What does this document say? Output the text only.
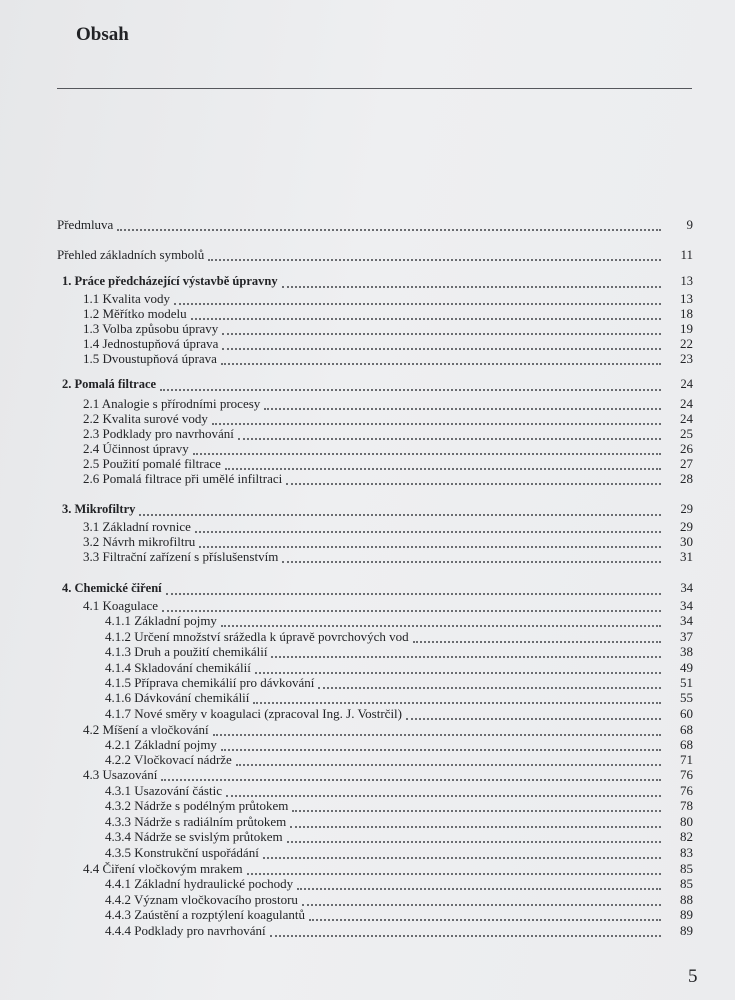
Obsah
Předmluva	9
Přehled základních symbolů	11
1. Práce předcházející výstavbě úpravny	13
1.1 Kvalita vody	13
1.2 Měřítko modelu	18
1.3 Volba způsobu úpravy	19
1.4 Jednostupňová úprava	22
1.5 Dvoustupňová úprava	23
2. Pomalá filtrace	24
2.1 Analogie s přírodními procesy	24
2.2 Kvalita surové vody	24
2.3 Podklady pro navrhování	25
2.4 Účinnost úpravy	26
2.5 Použití pomalé filtrace	27
2.6 Pomalá filtrace při umělé infiltraci	28
3. Mikrofiltry	29
3.1 Základní rovnice	29
3.2 Návrh mikrofiltru	30
3.3 Filtrační zařízení s příslušenstvím	31
4. Chemické čiření	34
4.1 Koagulace	34
4.1.1 Základní pojmy	34
4.1.2 Určení množství srážedla k úpravě povrchových vod	37
4.1.3 Druh a použití chemikálií	38
4.1.4 Skladování chemikálií	49
4.1.5 Příprava chemikálií pro dávkování	51
4.1.6 Dávkování chemikálií	55
4.1.7 Nové směry v koagulaci (zpracoval Ing. J. Vostrčil)	60
4.2 Míšení a vločkování	68
4.2.1 Základní pojmy	68
4.2.2 Vločkovací nádrže	71
4.3 Usazování	76
4.3.1 Usazování částic	76
4.3.2 Nádrže s podélným průtokem	78
4.3.3 Nádrže s radiálním průtokem	80
4.3.4 Nádrže se svislým průtokem	82
4.3.5 Konstrukční uspořádání	83
4.4 Čiření vločkovým mrakem	85
4.4.1 Základní hydraulické pochody	85
4.4.2 Význam vločkovacího prostoru	88
4.4.3 Zaústění a rozptýlení koagulantů	89
4.4.4 Podklady pro navrhování	89
5
